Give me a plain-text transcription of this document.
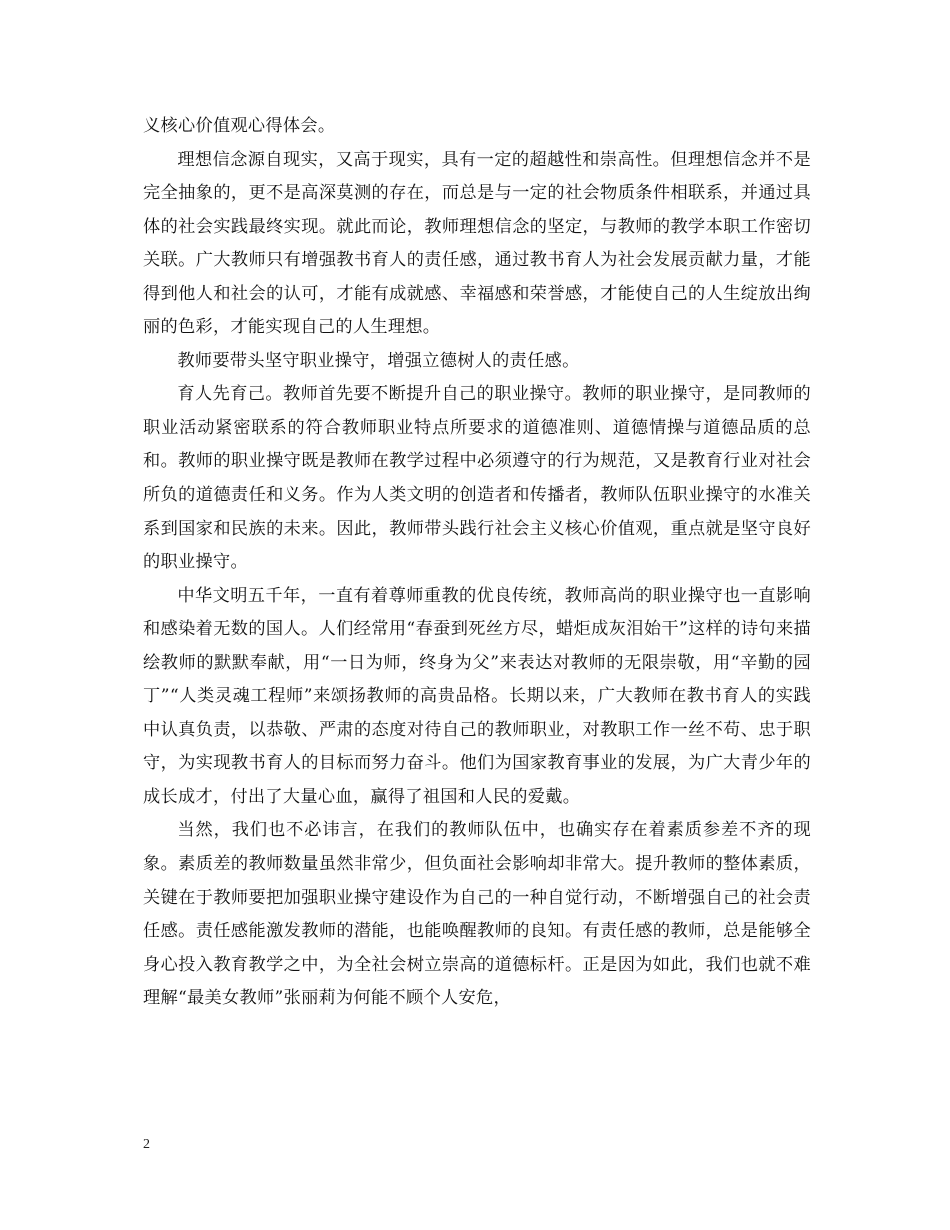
义核心价值观心得体会。

理想信念源自现实，又高于现实，具有一定的超越性和崇高性。但理想信念并不是完全抽象的，更不是高深莫测的存在，而总是与一定的社会物质条件相联系，并通过具体的社会实践最终实现。就此而论，教师理想信念的坚定，与教师的教学本职工作密切关联。广大教师只有增强教书育人的责任感，通过教书育人为社会发展贡献力量，才能得到他人和社会的认可，才能有成就感、幸福感和荣誉感，才能使自己的人生绽放出绚丽的色彩，才能实现自己的人生理想。

教师要带头坚守职业操守，增强立德树人的责任感。

育人先育己。教师首先要不断提升自己的职业操守。教师的职业操守，是同教师的职业活动紧密联系的符合教师职业特点所要求的道德准则、道德情操与道德品质的总和。教师的职业操守既是教师在教学过程中必须遵守的行为规范，又是教育行业对社会所负的道德责任和义务。作为人类文明的创造者和传播者，教师队伍职业操守的水准关系到国家和民族的未来。因此，教师带头践行社会主义核心价值观，重点就是坚守良好的职业操守。

中华文明五千年，一直有着尊师重教的优良传统，教师高尚的职业操守也一直影响和感染着无数的国人。人们经常用“春蚕到死丝方尽，蜡炬成灰泪始干”这样的诗句来描绘教师的默默奉献，用“一日为师，终身为父”来表达对教师的无限崇敬，用“辛勤的园丁”“人类灵魂工程师”来颂扬教师的高贵品格。长期以来，广大教师在教书育人的实践中认真负责，以恭敬、严肃的态度对待自己的教师职业，对教职工作一丝不苟、忠于职守，为实现教书育人的目标而努力奋斗。他们为国家教育事业的发展，为广大青少年的成长成才，付出了大量心血，赢得了祖国和人民的爱戴。

当然，我们也不必讳言，在我们的教师队伍中，也确实存在着素质参差不齐的现象。素质差的教师数量虽然非常少，但负面社会影响却非常大。提升教师的整体素质，关键在于教师要把加强职业操守建设作为自己的一种自觉行动，不断增强自己的社会责任感。责任感能激发教师的潜能，也能唤醒教师的良知。有责任感的教师，总是能够全身心投入教育教学之中，为全社会树立崇高的道德标杆。正是因为如此，我们也就不难理解“最美女教师”张丽莉为何能不顾个人安危，

2
